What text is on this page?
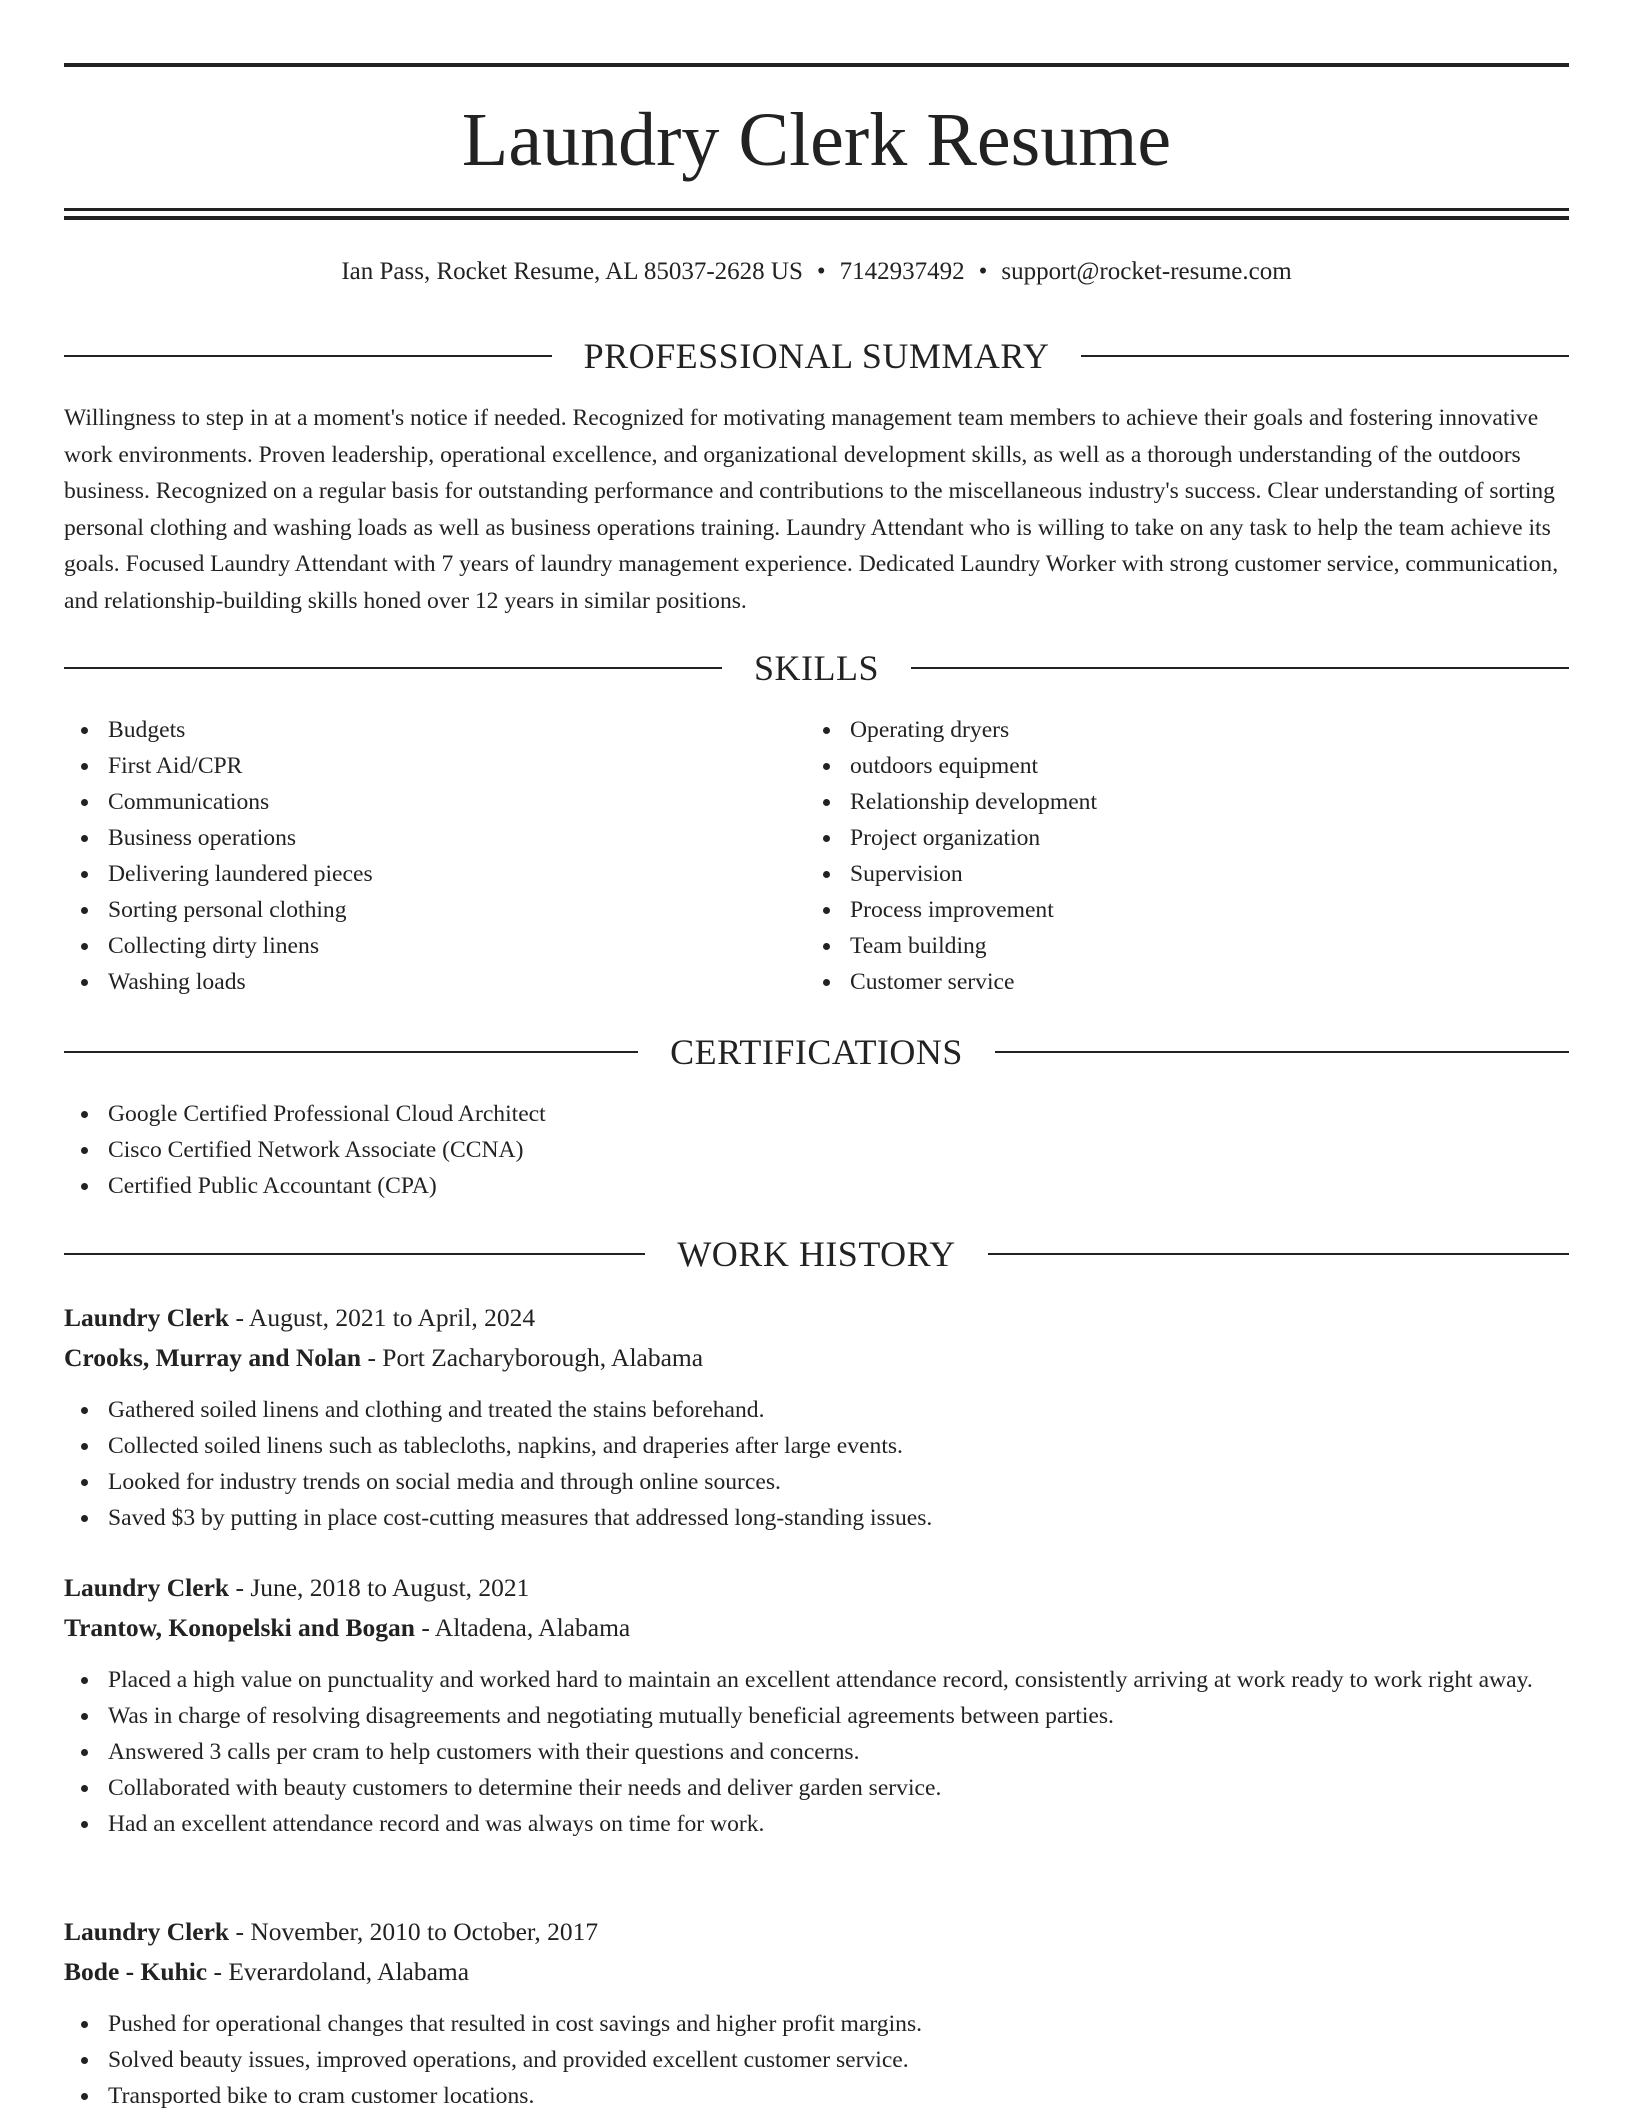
Laundry Clerk Resume
Ian Pass, Rocket Resume, AL 85037-2628 US • 7142937492 • support@rocket-resume.com
PROFESSIONAL SUMMARY

Willingness to step in at a moment's notice if needed. Recognized for motivating management team members to achieve their goals and fostering innovative work environments. Proven leadership, operational excellence, and organizational development skills, as well as a thorough understanding of the outdoors business. Recognized on a regular basis for outstanding performance and contributions to the miscellaneous industry's success. Clear understanding of sorting personal clothing and washing loads as well as business operations training. Laundry Attendant who is willing to take on any task to help the team achieve its goals. Focused Laundry Attendant with 7 years of laundry management experience. Dedicated Laundry Worker with strong customer service, communication, and relationship-building skills honed over 12 years in similar positions.

SKILLS
Budgets
First Aid/CPR
Communications
Business operations
Delivering laundered pieces
Sorting personal clothing
Collecting dirty linens
Washing loads
Operating dryers
outdoors equipment
Relationship development
Project organization
Supervision
Process improvement
Team building
Customer service
CERTIFICATIONS
Google Certified Professional Cloud Architect
Cisco Certified Network Associate (CCNA)
Certified Public Accountant (CPA)
WORK HISTORY
Laundry Clerk - August, 2021 to April, 2024
Crooks, Murray and Nolan - Port Zacharyborough, Alabama
Gathered soiled linens and clothing and treated the stains beforehand.
Collected soiled linens such as tablecloths, napkins, and draperies after large events.
Looked for industry trends on social media and through online sources.
Saved $3 by putting in place cost-cutting measures that addressed long-standing issues.
Laundry Clerk - June, 2018 to August, 2021
Trantow, Konopelski and Bogan - Altadena, Alabama
Placed a high value on punctuality and worked hard to maintain an excellent attendance record, consistently arriving at work ready to work right away.
Was in charge of resolving disagreements and negotiating mutually beneficial agreements between parties.
Answered 3 calls per cram to help customers with their questions and concerns.
Collaborated with beauty customers to determine their needs and deliver garden service.
Had an excellent attendance record and was always on time for work.
Laundry Clerk - November, 2010 to October, 2017
Bode - Kuhic - Everardoland, Alabama
Pushed for operational changes that resulted in cost savings and higher profit margins.
Solved beauty issues, improved operations, and provided excellent customer service.
Transported bike to cram customer locations.
